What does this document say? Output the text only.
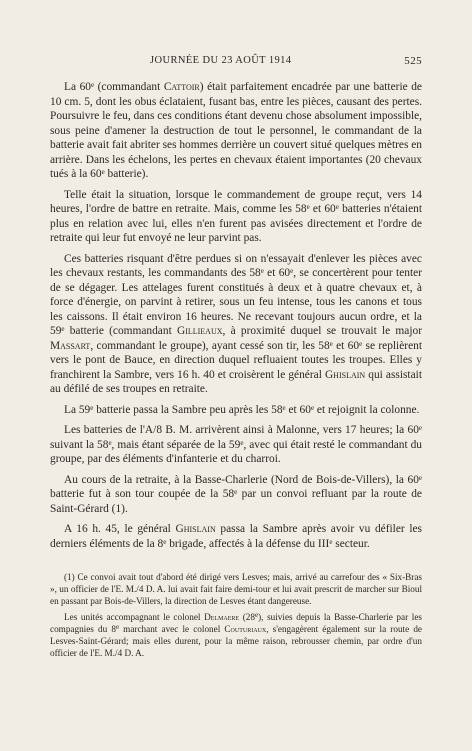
JOURNÉE DU 23 AOÛT 1914	525

La 60e (commandant Cattoir) était parfaitement encadrée par une batterie de 10 cm. 5, dont les obus éclataient, fusant bas, entre les pièces, causant des pertes. Poursuivre le feu, dans ces conditions étant devenu chose absolument impossible, sous peine d'amener la destruction de tout le personnel, le commandant de la batterie avait fait abriter ses hommes derrière un couvert situé quelques mètres en arrière. Dans les échelons, les pertes en chevaux étaient importantes (20 chevaux tués à la 60e batterie).

Telle était la situation, lorsque le commandement de groupe reçut, vers 14 heures, l'ordre de battre en retraite. Mais, comme les 58e et 60e batteries n'étaient plus en relation avec lui, elles n'en furent pas avisées directement et l'ordre de retraite qui leur fut envoyé ne leur parvint pas.

Ces batteries risquant d'être perdues si on n'essayait d'enlever les pièces avec les chevaux restants, les commandants des 58e et 60e, se concertèrent pour tenter de se dégager. Les attelages furent constitués à deux et à quatre chevaux et, à force d'énergie, on parvint à retirer, sous un feu intense, tous les canons et tous les caissons. Il était environ 16 heures. Ne recevant toujours aucun ordre, et la 59e batterie (commandant Gillieaux, à proximité duquel se trouvait le major Massart, commandant le groupe), ayant cessé son tir, les 58e et 60e se replièrent vers le pont de Bauce, en direction duquel refluaient toutes les troupes. Elles y franchirent la Sambre, vers 16 h. 40 et croisèrent le général Ghislain qui assistait au défilé de ses troupes en retraite.

La 59e batterie passa la Sambre peu après les 58e et 60e et rejoignit la colonne.

Les batteries de l'A/8 B. M. arrivèrent ainsi à Malonne, vers 17 heures; la 60e suivant la 58e, mais étant séparée de la 59e, avec qui était resté le commandant du groupe, par des éléments d'infanterie et du charroi.

Au cours de la retraite, à la Basse-Charlerie (Nord de Bois-de-Villers), la 60e batterie fut à son tour coupée de la 58e par un convoi refluant par la route de Saint-Gérard (1).

A 16 h. 45, le général Ghislain passa la Sambre après avoir vu défiler les derniers éléments de la 8e brigade, affectés à la défense du IIIe secteur.

(1) Ce convoi avait tout d'abord été dirigé vers Lesves; mais, arrivé au carrefour des « Six-Bras », un officier de l'E. M./4 D. A. lui avait fait faire demi-tour et lui avait prescrit de marcher sur Bioul en passant par Bois-de-Villers, la direction de Lesves étant dangereuse.

Les unités accompagnant le colonel Delmaere (28e), suivies depuis la Basse-Charlerie par les compagnies du 8e marchant avec le colonel Couturiaux, s'engagèrent également sur la route de Lesves-Saint-Gérard; mais elles durent, pour la même raison, rebrousser chemin, par ordre d'un officier de l'E. M./4 D. A.
